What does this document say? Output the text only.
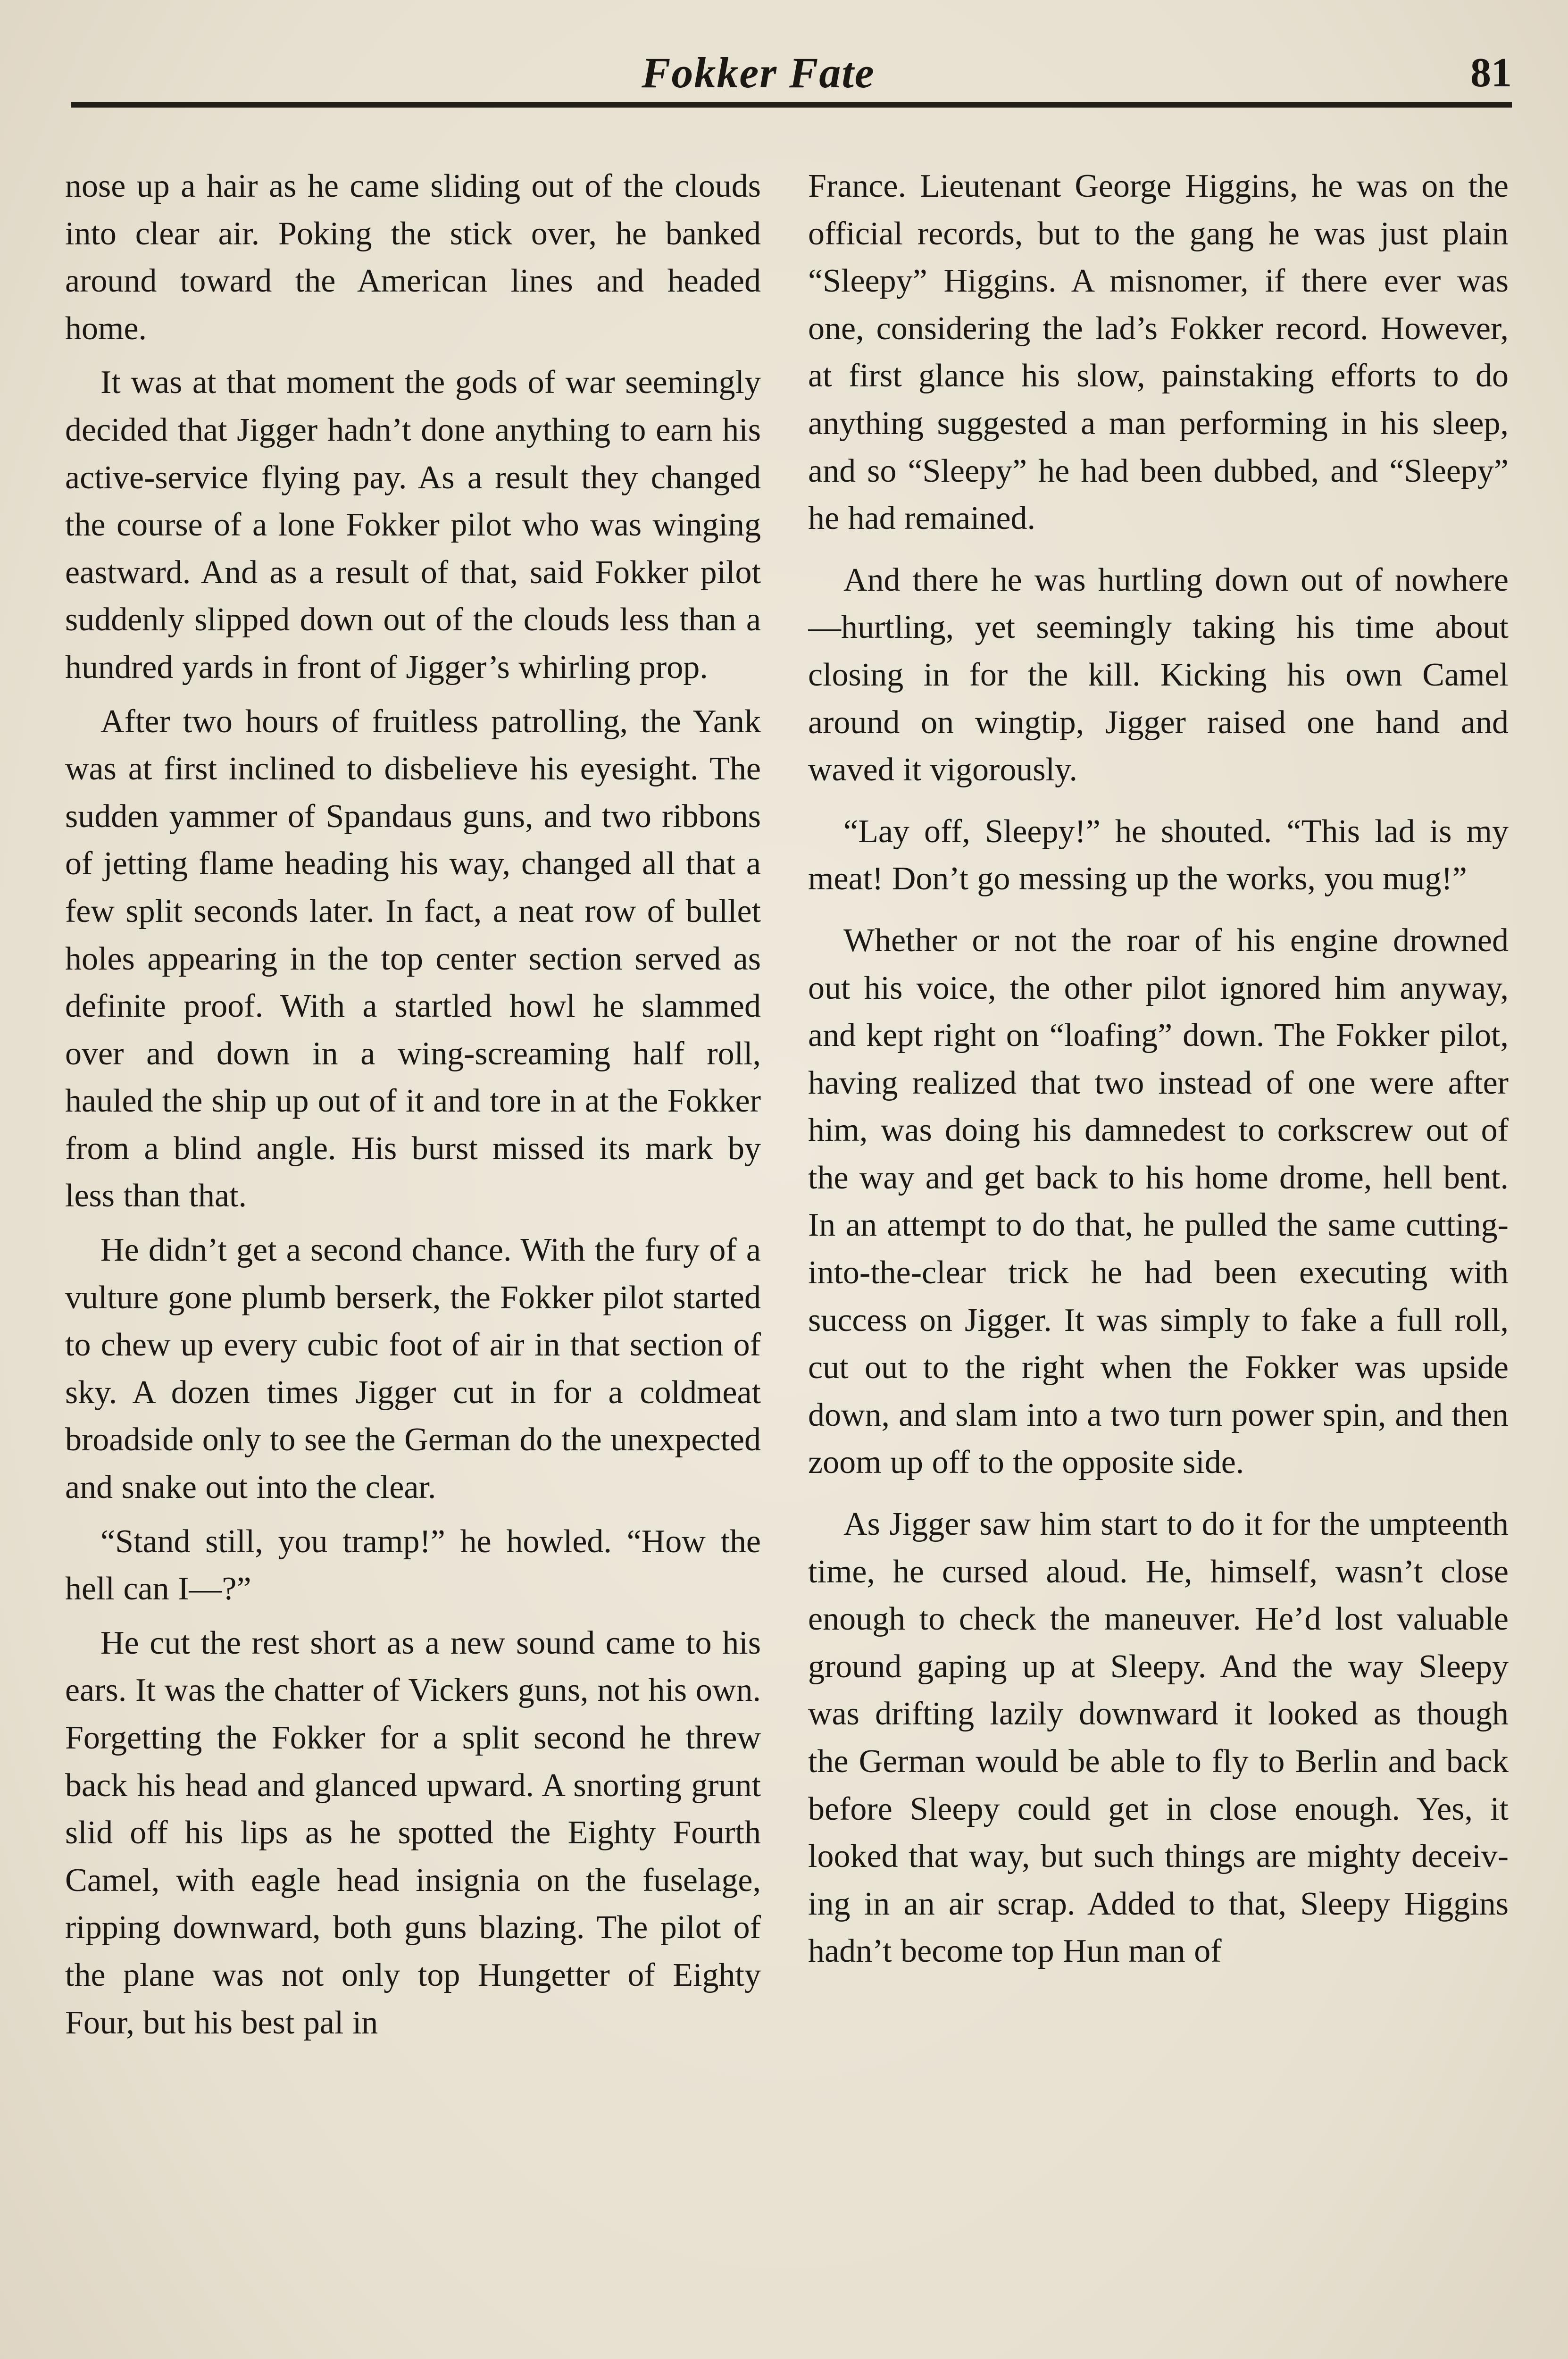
Fokker Fate	81

nose up a hair as he came sliding out of the clouds into clear air. Poking the stick over, he banked around toward the American lines and headed home.

It was at that moment the gods of war seemingly decided that Jigger hadn’t done anything to earn his active-service flying pay. As a result they changed the course of a lone Fokker pilot who was winging eastward. And as a result of that, said Fokker pilot suddenly slipped down out of the clouds less than a hundred yards in front of Jigger’s whirling prop.

After two hours of fruitless patrolling, the Yank was at first inclined to disbelieve his eyesight. The sudden yammer of Spandaus guns, and two ribbons of jetting flame heading his way, changed all that a few split seconds later. In fact, a neat row of bullet holes appearing in the top center section served as definite proof. With a startled howl he slammed over and down in a wing-screaming half roll, hauled the ship up out of it and tore in at the Fokker from a blind angle. His burst missed its mark by less than that.

He didn’t get a second chance. With the fury of a vulture gone plumb berserk, the Fokker pilot started to chew up every cubic foot of air in that section of sky. A dozen times Jigger cut in for a coldmeat broadside only to see the German do the unexpected and snake out into the clear.

“Stand still, you tramp!” he howled. “How the hell can I—?”

He cut the rest short as a new sound came to his ears. It was the chatter of Vickers guns, not his own. Forgetting the Fokker for a split second he threw back his head and glanced upward. A snorting grunt slid off his lips as he spotted the Eighty Fourth Camel, with eagle head insignia on the fuselage, ripping downward, both guns blazing. The pilot of the plane was not only top Hungetter of Eighty Four, but his best pal in

France. Lieutenant George Higgins, he was on the official records, but to the gang he was just plain “Sleepy” Higgins. A misnomer, if there ever was one, considering the lad’s Fokker record. However, at first glance his slow, painstaking efforts to do anything suggested a man performing in his sleep, and so “Sleepy” he had been dubbed, and “Sleepy” he had remained.

And there he was hurtling down out of nowhere—hurtling, yet seemingly taking his time about closing in for the kill. Kicking his own Camel around on wingtip, Jigger raised one hand and waved it vigorously.

“Lay off, Sleepy!” he shouted. “This lad is my meat! Don’t go messing up the works, you mug!”

Whether or not the roar of his engine drowned out his voice, the other pilot ignored him anyway, and kept right on “loafing” down. The Fokker pilot, having realized that two instead of one were after him, was doing his damnedest to corkscrew out of the way and get back to his home drome, hell bent. In an attempt to do that, he pulled the same cutting-into-the-clear trick he had been executing with success on Jigger. It was simply to fake a full roll, cut out to the right when the Fokker was upside down, and slam into a two turn power spin, and then zoom up off to the opposite side.

As Jigger saw him start to do it for the umpteenth time, he cursed aloud. He, himself, wasn’t close enough to check the maneuver. He’d lost valuable ground gaping up at Sleepy. And the way Sleepy was drifting lazily downward it looked as though the German would be able to fly to Berlin and back before Sleepy could get in close enough. Yes, it looked that way, but such things are mighty deceiving in an air scrap. Added to that, Sleepy Higgins hadn’t become top Hun man of
